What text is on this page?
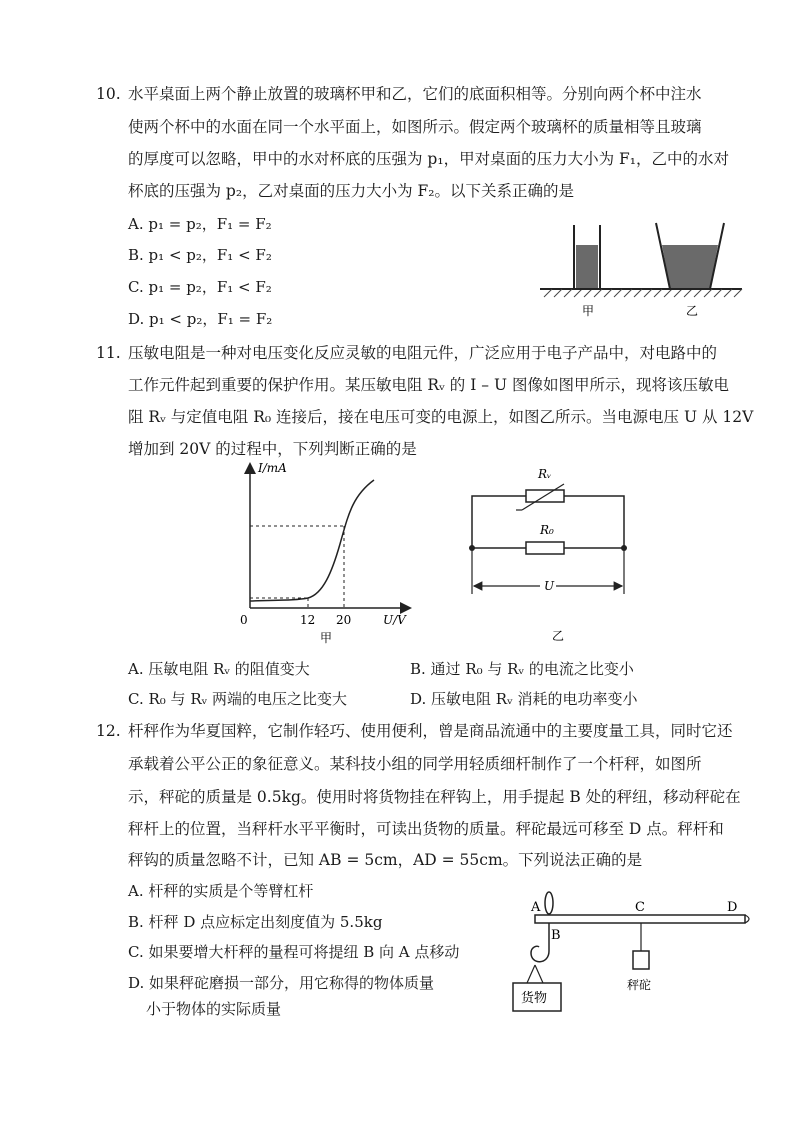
10. 水平桌面上两个静止放置的玻璃杯甲和乙，它们的底面积相等。分别向两个杯中注水
使两个杯中的水面在同一个水平面上，如图所示。假定两个玻璃杯的质量相等且玻璃
的厚度可以忽略，甲中的水对杯底的压强为 p₁，甲对桌面的压力大小为 F₁，乙中的水对
杯底的压强为 p₂，乙对桌面的压力大小为 F₂。以下关系正确的是
A. p₁ = p₂，F₁ = F₂
B. p₁ < p₂，F₁ < F₂
C. p₁ = p₂，F₁ < F₂
D. p₁ < p₂，F₁ = F₂	甲	乙
11. 压敏电阻是一种对电压变化反应灵敏的电阻元件，广泛应用于电子产品中，对电路中的
工作元件起到重要的保护作用。某压敏电阻 Rᵥ 的 I – U 图像如图甲所示，现将该压敏电
阻 Rᵥ 与定值电阻 R₀ 连接后，接在电压可变的电源上，如图乙所示。当电源电压 U 从 12V
增加到 20V 的过程中，下列判断正确的是
I/mA
U/V
0	12 20
甲
Rᵥ
R₀
U
乙
A. 压敏电阻 Rᵥ 的阻值变大	B. 通过 R₀ 与 Rᵥ 的电流之比变小
C. R₀ 与 Rᵥ 两端的电压之比变大	D. 压敏电阻 Rᵥ 消耗的电功率变小
12. 杆秤作为华夏国粹，它制作轻巧、使用便利，曾是商品流通中的主要度量工具，同时它还
承载着公平公正的象征意义。某科技小组的同学用轻质细杆制作了一个杆秤，如图所
示，秤砣的质量是 0.5kg。使用时将货物挂在秤钩上，用手提起 B 处的秤纽，移动秤砣在
秤杆上的位置，当秤杆水平平衡时，可读出货物的质量。秤砣最远可移至 D 点。秤杆和
秤钩的质量忽略不计，已知 AB = 5cm，AD = 55cm。下列说法正确的是
A. 杆秤的实质是个等臂杠杆
B. 杆秤 D 点应标定出刻度值为 5.5kg
C. 如果要增大杆秤的量程可将提纽 B 向 A 点移动
D. 如果秤砣磨损一部分，用它称得的物体质量
小于物体的实际质量
货物
秤砣
A
B
C	D
